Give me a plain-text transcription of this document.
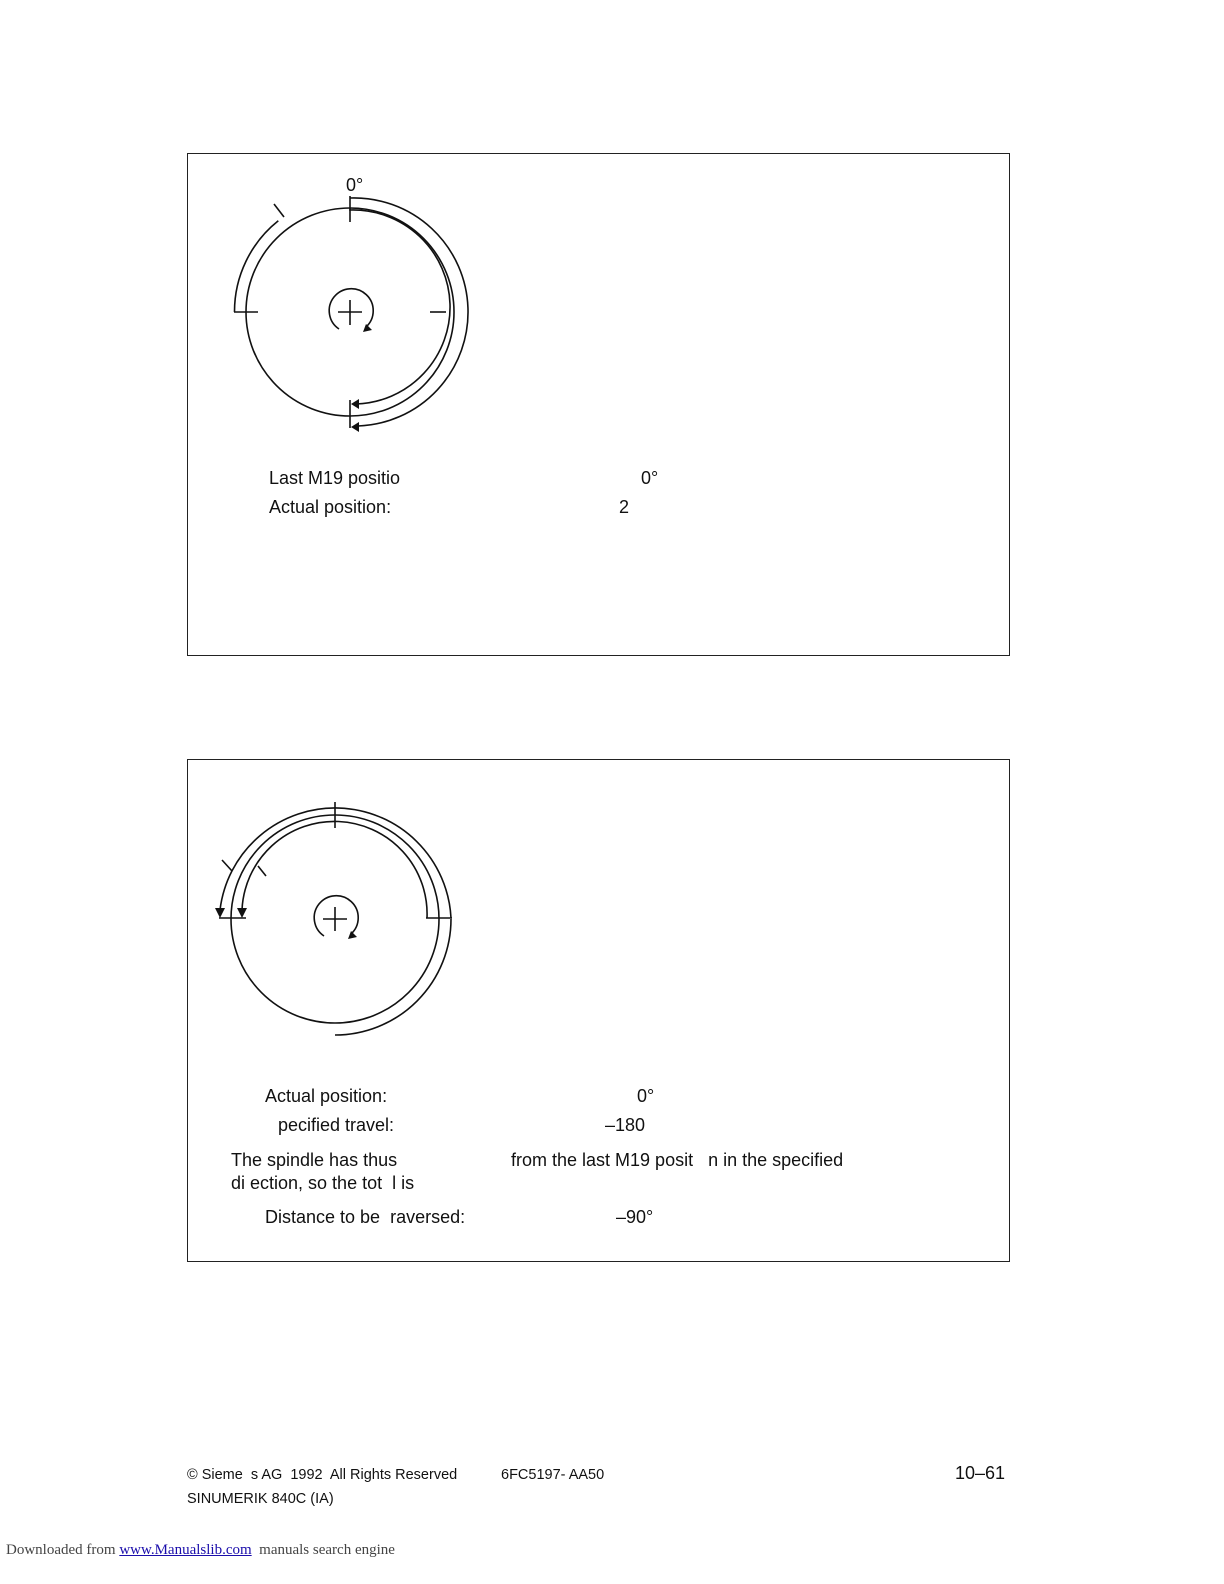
0°
Last M19 positio	0°
Actual position:	2
Actual position:	0°
pecified travel:	–180
The spindle has thus	from the last M19 posit   n in the specified
di ection, so the tot  l is
Distance to be  raversed:	–90°
© Sieme  s AG  1992  All Rights Reserved	6FC5197- AA50
SINUMERIK 840C (IA)
10–61
Downloaded from www.Manualslib.com manuals search engine
